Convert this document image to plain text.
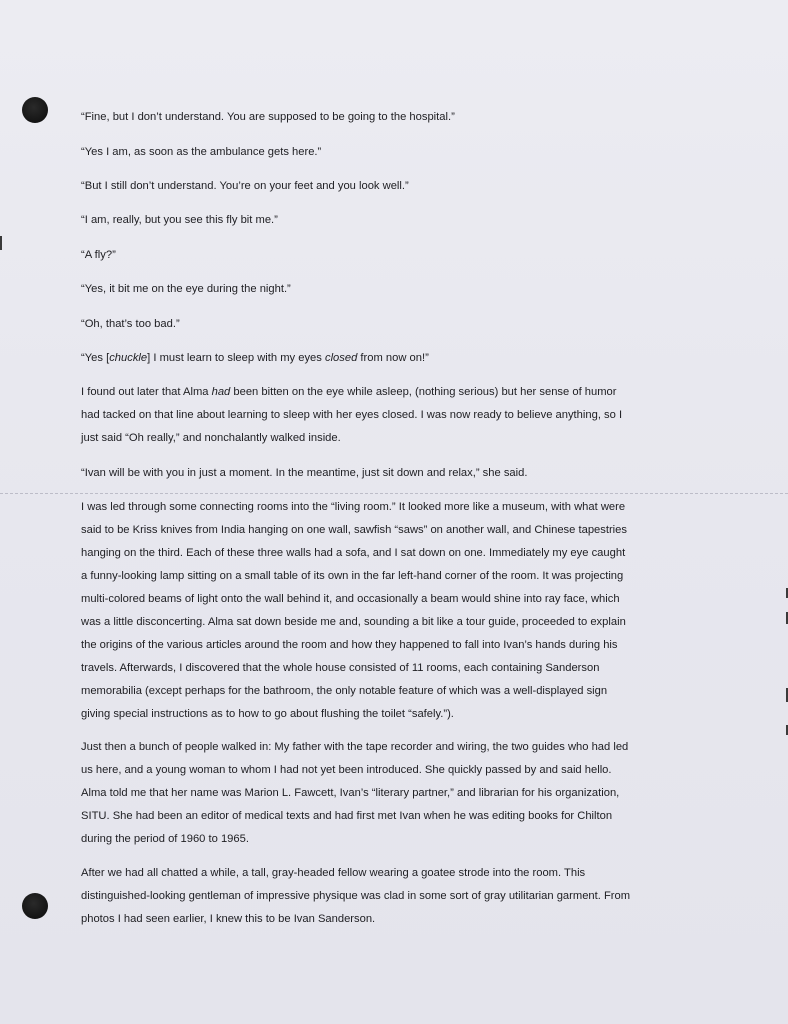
“Fine, but I don’t understand. You are supposed to be going to the hospital.”

“Yes I am, as soon as the ambulance gets here.”

“But I still don’t understand. You’re on your feet and you look well.”

“I am, really, but you see this fly bit me.”

“A fly?”

“Yes, it bit me on the eye during the night.”

“Oh, that’s too bad.”

“Yes [chuckle] I must learn to sleep with my eyes closed from now on!”

I found out later that Alma had been bitten on the eye while asleep, (nothing serious) but her sense of humor
had tacked on that line about learning to sleep with her eyes closed. I was now ready to believe anything, so I
just said “Oh really,” and nonchalantly walked inside.

“Ivan will be with you in just a moment. In the meantime, just sit down and relax,” she said.

I was led through some connecting rooms into the “living room.” It looked more like a museum, with what were
said to be Kriss knives from India hanging on one wall, sawfish “saws” on another wall, and Chinese tapestries
hanging on the third. Each of these three walls had a sofa, and I sat down on one. Immediately my eye caught
a funny-looking lamp sitting on a small table of its own in the far left-hand corner of the room. It was projecting
multi-colored beams of light onto the wall behind it, and occasionally a beam would shine into ray face, which
was a little disconcerting. Alma sat down beside me and, sounding a bit like a tour guide, proceeded to explain
the origins of the various articles around the room and how they happened to fall into Ivan’s hands during his
travels. Afterwards, I discovered that the whole house consisted of 11 rooms, each containing Sanderson
memorabilia (except perhaps for the bathroom, the only notable feature of which was a well-displayed sign
giving special instructions as to how to go about flushing the toilet “safely.”).
Just then a bunch of people walked in: My father with the tape recorder and wiring, the two guides who had led
us here, and a young woman to whom I had not yet been introduced. She quickly passed by and said hello.
Alma told me that her name was Marion L. Fawcett, Ivan’s “literary partner,” and librarian for his organization,
SITU. She had been an editor of medical texts and had first met Ivan when he was editing books for Chilton
during the period of 1960 to 1965.
After we had all chatted a while, a tall, gray-headed fellow wearing a goatee strode into the room. This
distinguished-looking gentleman of impressive physique was clad in some sort of gray utilitarian garment. From
photos I had seen earlier, I knew this to be Ivan Sanderson.
